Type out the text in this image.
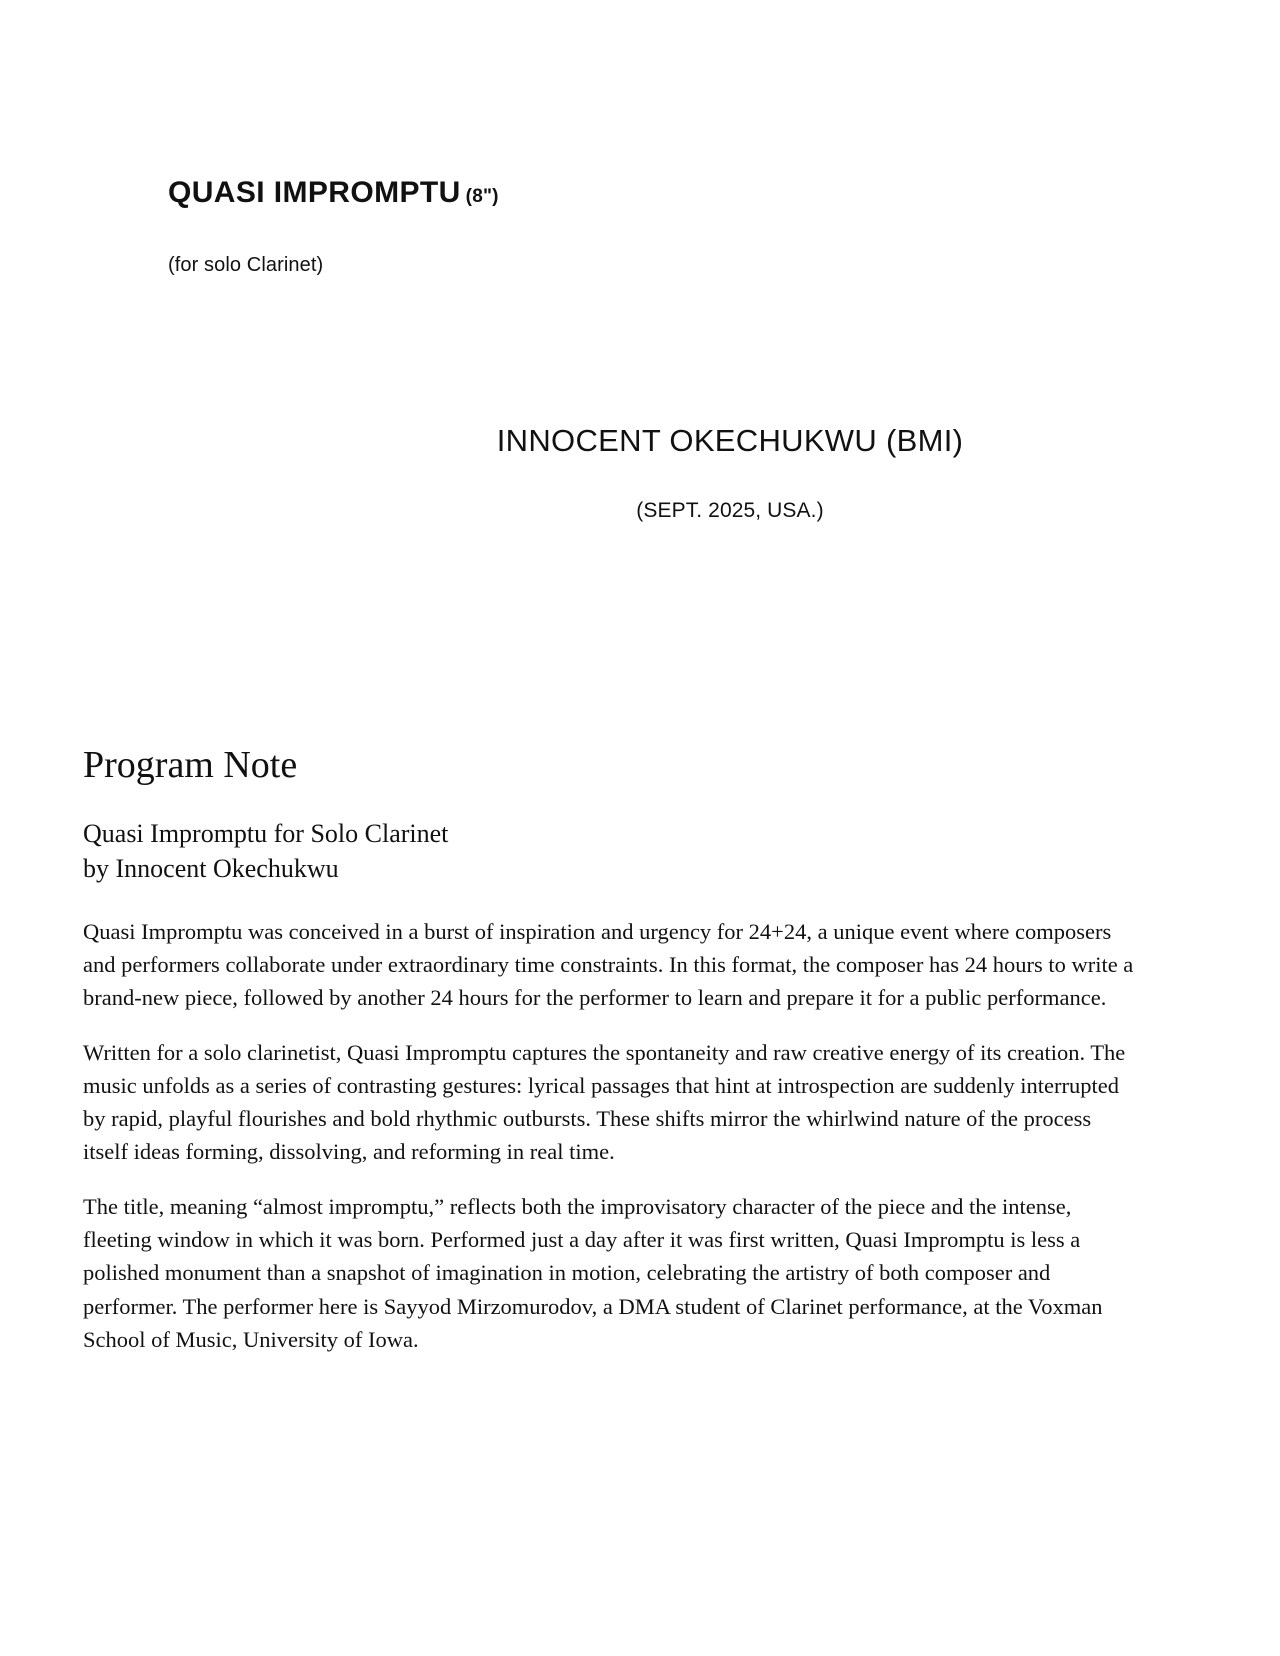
QUASI IMPROMPTU (8")
(for solo Clarinet)
INNOCENT OKECHUKWU (BMI)
(SEPT. 2025, USA.)
Program Note
Quasi Impromptu for Solo Clarinet
by Innocent Okechukwu

Quasi Impromptu was conceived in a burst of inspiration and urgency for 24+24, a unique event where composers and performers collaborate under extraordinary time constraints. In this format, the composer has 24 hours to write a brand-new piece, followed by another 24 hours for the performer to learn and prepare it for a public performance.

Written for a solo clarinetist, Quasi Impromptu captures the spontaneity and raw creative energy of its creation. The music unfolds as a series of contrasting gestures: lyrical passages that hint at introspection are suddenly interrupted by rapid, playful flourishes and bold rhythmic outbursts. These shifts mirror the whirlwind nature of the process itself ideas forming, dissolving, and reforming in real time.

The title, meaning “almost impromptu,” reflects both the improvisatory character of the piece and the intense, fleeting window in which it was born. Performed just a day after it was first written, Quasi Impromptu is less a polished monument than a snapshot of imagination in motion, celebrating the artistry of both composer and performer. The performer here is Sayyod Mirzomurodov, a DMA student of Clarinet performance, at the Voxman School of Music, University of Iowa.
